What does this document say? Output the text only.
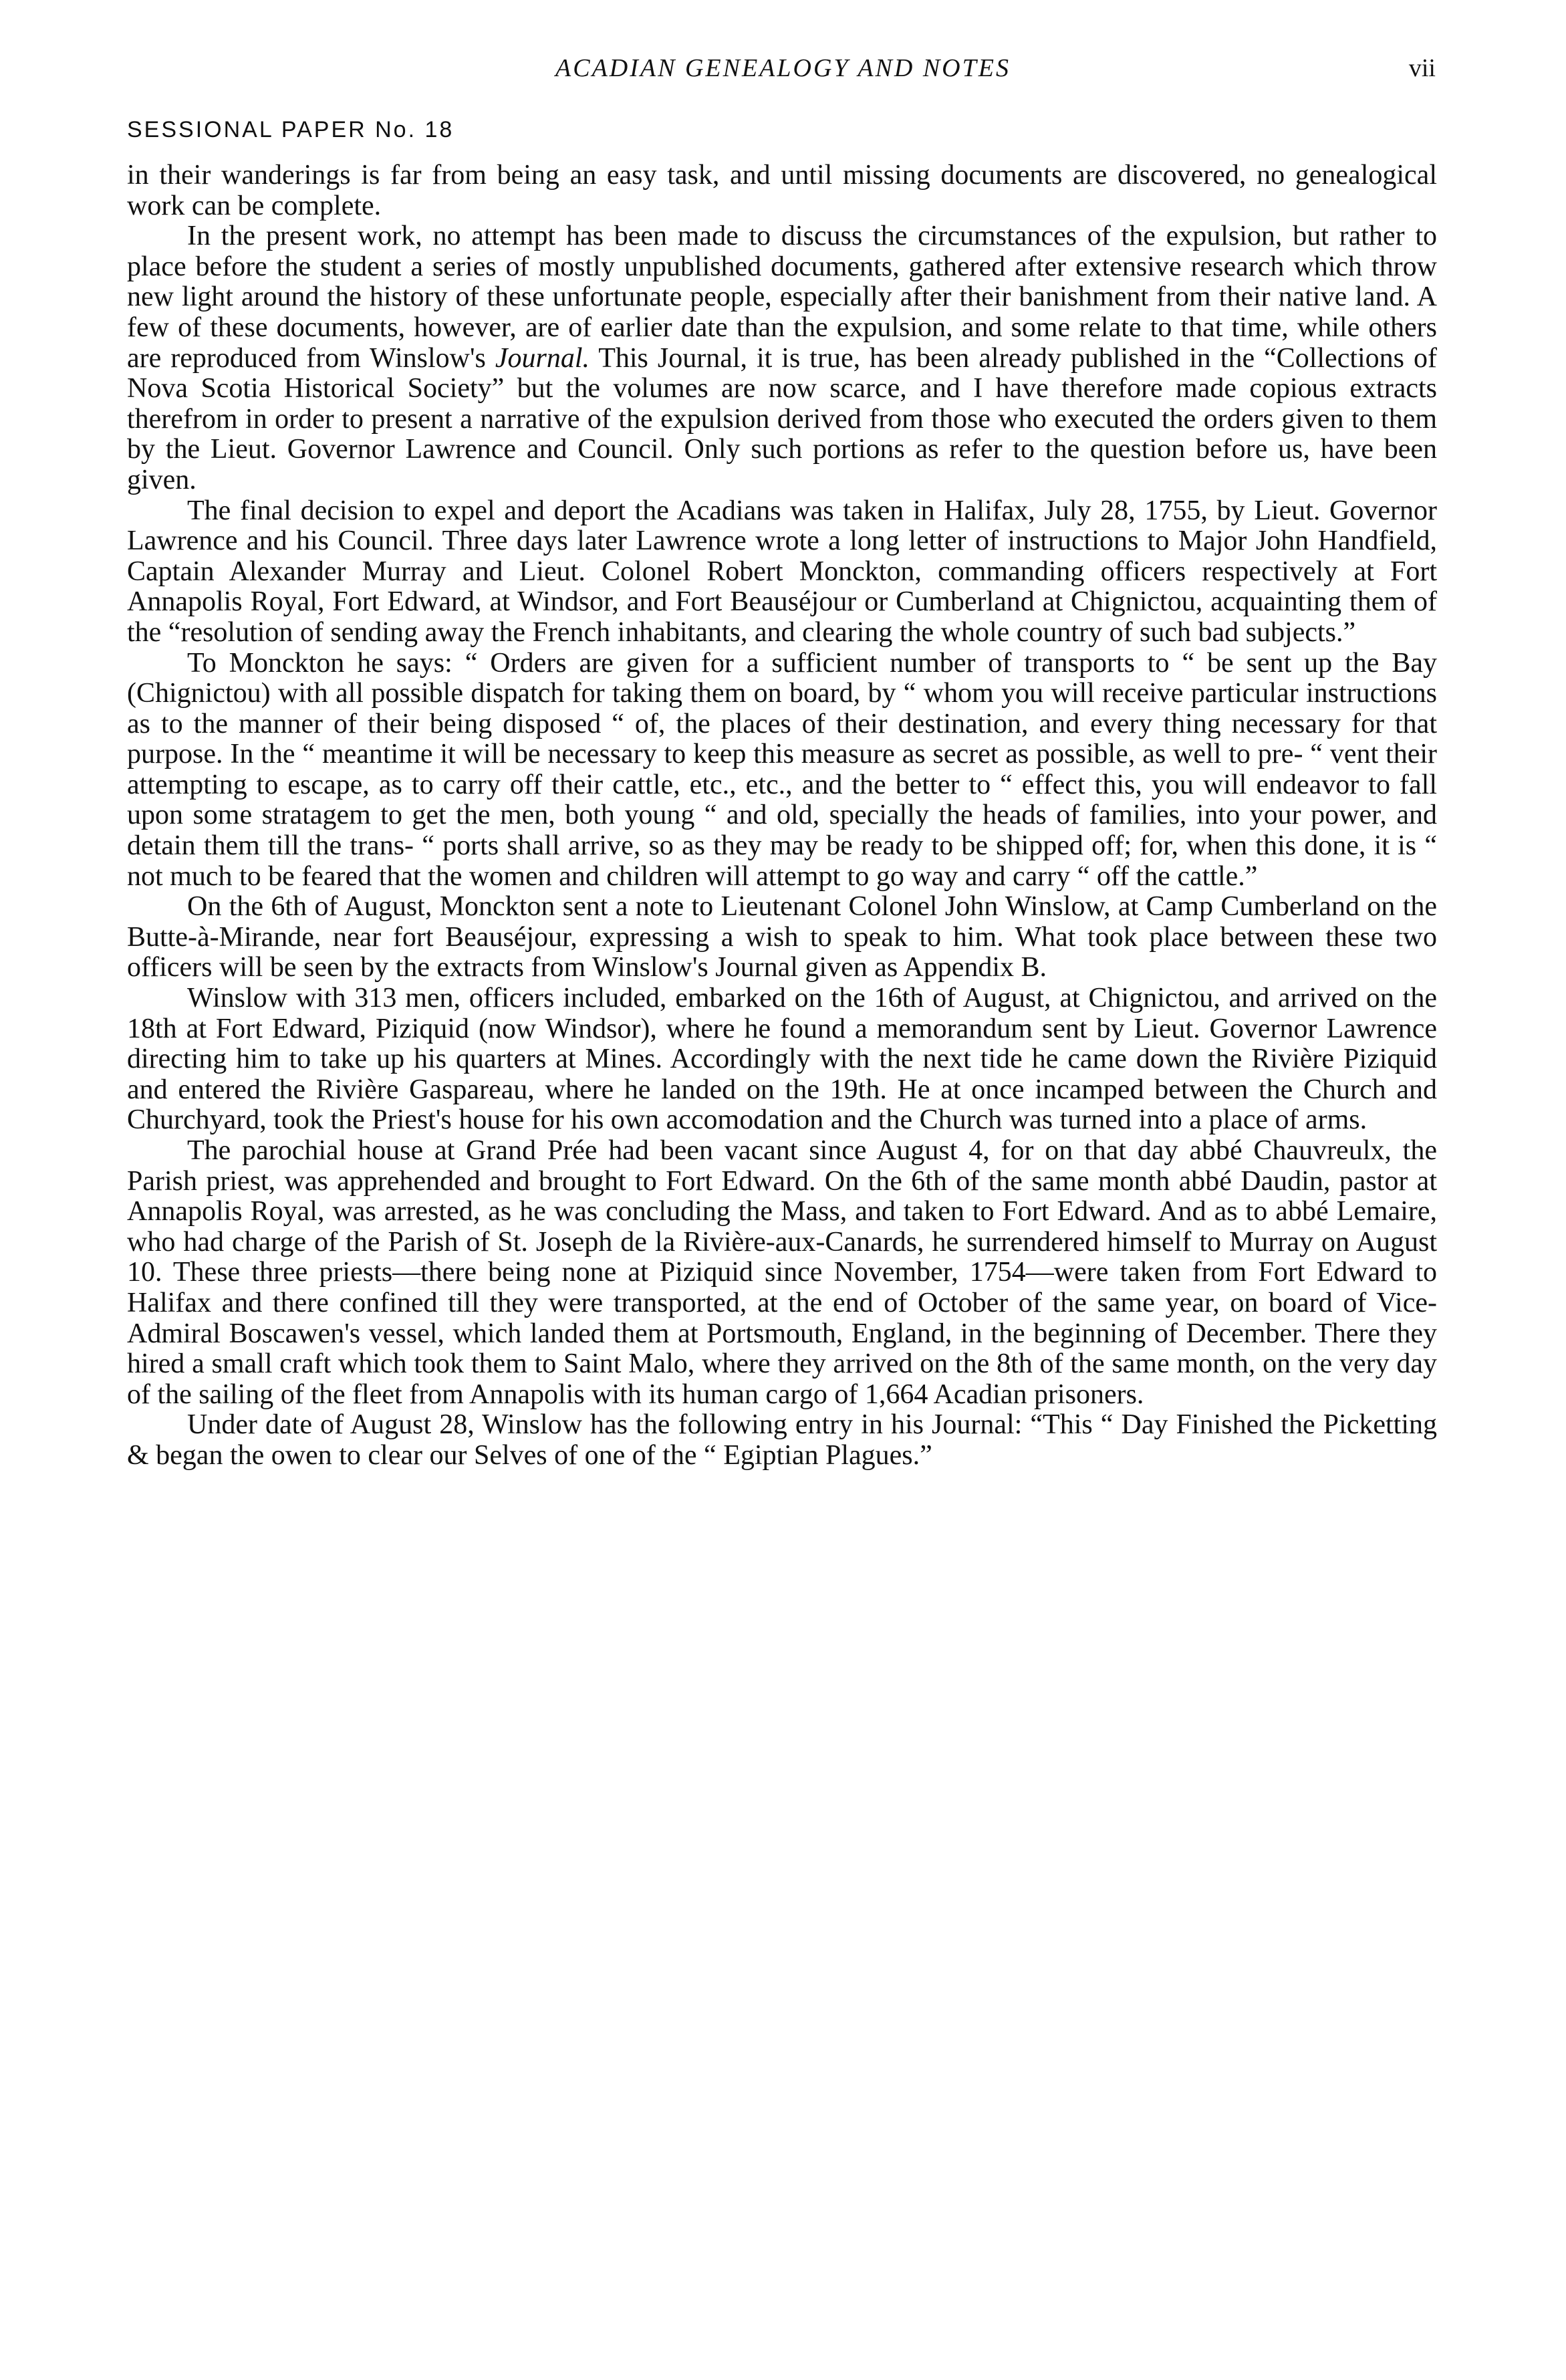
ACADIAN GENEALOGY AND NOTES	vii
SESSIONAL PAPER No. 18

in their wanderings is far from being an easy task, and until missing documents are discovered, no genealogical work can be complete.

In the present work, no attempt has been made to discuss the circumstances of the expulsion, but rather to place before the student a series of mostly unpublished documents, gathered after extensive research which throw new light around the history of these unfortunate people, especially after their banishment from their native land. A few of these documents, however, are of earlier date than the expulsion, and some relate to that time, while others are reproduced from Winslow's Journal. This Journal, it is true, has been already published in the “Collections of Nova Scotia Historical Society” but the volumes are now scarce, and I have therefore made copious extracts therefrom in order to present a narrative of the expulsion derived from those who executed the orders given to them by the Lieut. Governor Lawrence and Council. Only such portions as refer to the question before us, have been given.

The final decision to expel and deport the Acadians was taken in Halifax, July 28, 1755, by Lieut. Governor Lawrence and his Council. Three days later Lawrence wrote a long letter of instructions to Major John Handfield, Captain Alexander Murray and Lieut. Colonel Robert Monckton, commanding officers respectively at Fort Annapolis Royal, Fort Edward, at Windsor, and Fort Beauséjour or Cumberland at Chignictou, acquainting them of the “resolution of sending away the French inhabitants, and clearing the whole country of such bad subjects.”

To Monckton he says: “ Orders are given for a sufficient number of transports to “ be sent up the Bay (Chignictou) with all possible dispatch for taking them on board, by “ whom you will receive particular instructions as to the manner of their being disposed “ of, the places of their destination, and every thing necessary for that purpose. In the “ meantime it will be necessary to keep this measure as secret as possible, as well to pre- “ vent their attempting to escape, as to carry off their cattle, etc., etc., and the better to “ effect this, you will endeavor to fall upon some stratagem to get the men, both young “ and old, specially the heads of families, into your power, and detain them till the trans- “ ports shall arrive, so as they may be ready to be shipped off; for, when this done, it is “ not much to be feared that the women and children will attempt to go way and carry “ off the cattle.”

On the 6th of August, Monckton sent a note to Lieutenant Colonel John Winslow, at Camp Cumberland on the Butte-à-Mirande, near fort Beauséjour, expressing a wish to speak to him. What took place between these two officers will be seen by the extracts from Winslow's Journal given as Appendix B.

Winslow with 313 men, officers included, embarked on the 16th of August, at Chignictou, and arrived on the 18th at Fort Edward, Piziquid (now Windsor), where he found a memorandum sent by Lieut. Governor Lawrence directing him to take up his quarters at Mines. Accordingly with the next tide he came down the Rivière Piziquid and entered the Rivière Gaspareau, where he landed on the 19th. He at once incamped between the Church and Churchyard, took the Priest's house for his own accomodation and the Church was turned into a place of arms.

The parochial house at Grand Prée had been vacant since August 4, for on that day abbé Chauvreulx, the Parish priest, was apprehended and brought to Fort Edward. On the 6th of the same month abbé Daudin, pastor at Annapolis Royal, was arrested, as he was concluding the Mass, and taken to Fort Edward. And as to abbé Lemaire, who had charge of the Parish of St. Joseph de la Rivière-aux-Canards, he surrendered himself to Murray on August 10. These three priests—there being none at Piziquid since November, 1754—were taken from Fort Edward to Halifax and there confined till they were transported, at the end of October of the same year, on board of Vice-Admiral Boscawen's vessel, which landed them at Portsmouth, England, in the beginning of December. There they hired a small craft which took them to Saint Malo, where they arrived on the 8th of the same month, on the very day of the sailing of the fleet from Annapolis with its human cargo of 1,664 Acadian prisoners.

Under date of August 28, Winslow has the following entry in his Journal: “This “ Day Finished the Picketting & began the owen to clear our Selves of one of the “ Egiptian Plagues.”
